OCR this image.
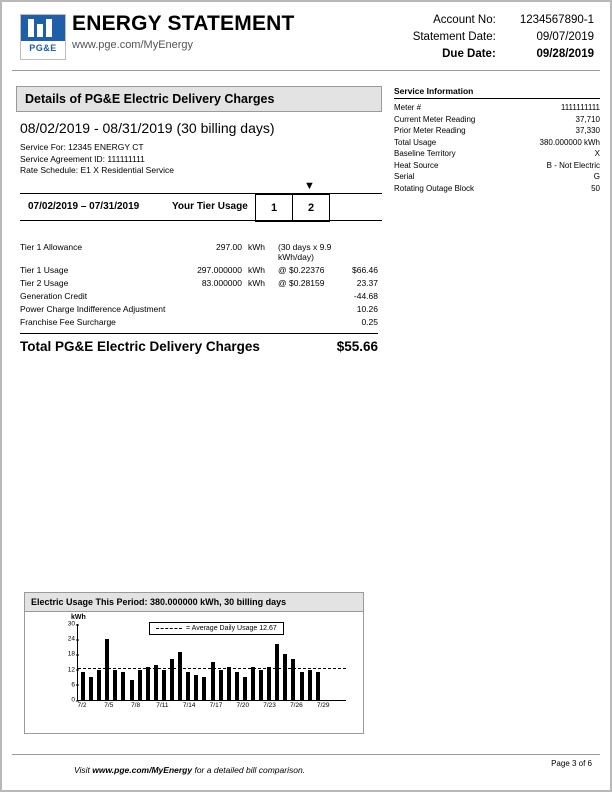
PG&E
ENERGY STATEMENT
www.pge.com/MyEnergy
Account No: 1234567890-1
Statement Date:	09/07/2019
Due Date:	09/28/2019
Details of PG&E Electric Delivery Charges
08/02/2019 - 08/31/2019 (30 billing days)
Service For: 12345 ENERGY CT
Service Agreement ID: 111111111
Rate Schedule: E1 X Residential Service
▼
07/02/2019 – 07/31/2019	Your Tier Usage	1	2
Tier 1 Allowance	297.00	kWh	(30 days x 9.9 kWh/day)	
Tier 1 Usage	297.000000	kWh	@ $0.22376	$66.46
Tier 2 Usage	83.000000	kWh	@ $0.28159	23.37
Generation Credit				-44.68
Power Charge Indifference Adjustment				10.26
Franchise Fee Surcharge				0.25
Total PG&E Electric Delivery Charges	$55.66
Service Information
Meter #	1111111111
Current Meter Reading	37,710
Prior Meter Reading	37,330
Total Usage	380.000000 kWh
Baseline Territory	X
Heat Source	B - Not Electric
Serial	G
Rotating Outage Block	50
Electric Usage This Period: 380.000000 kWh, 30 billing days
kWh
= Average Daily Usage 12.67
0
6
12
18
24
30
7/2	7/5	7/8 7/11 7/14 7/17 7/20 7/23 7/26 7/29
Visit www.pge.com/MyEnergy for a detailed bill comparison.
Page 3 of 6
